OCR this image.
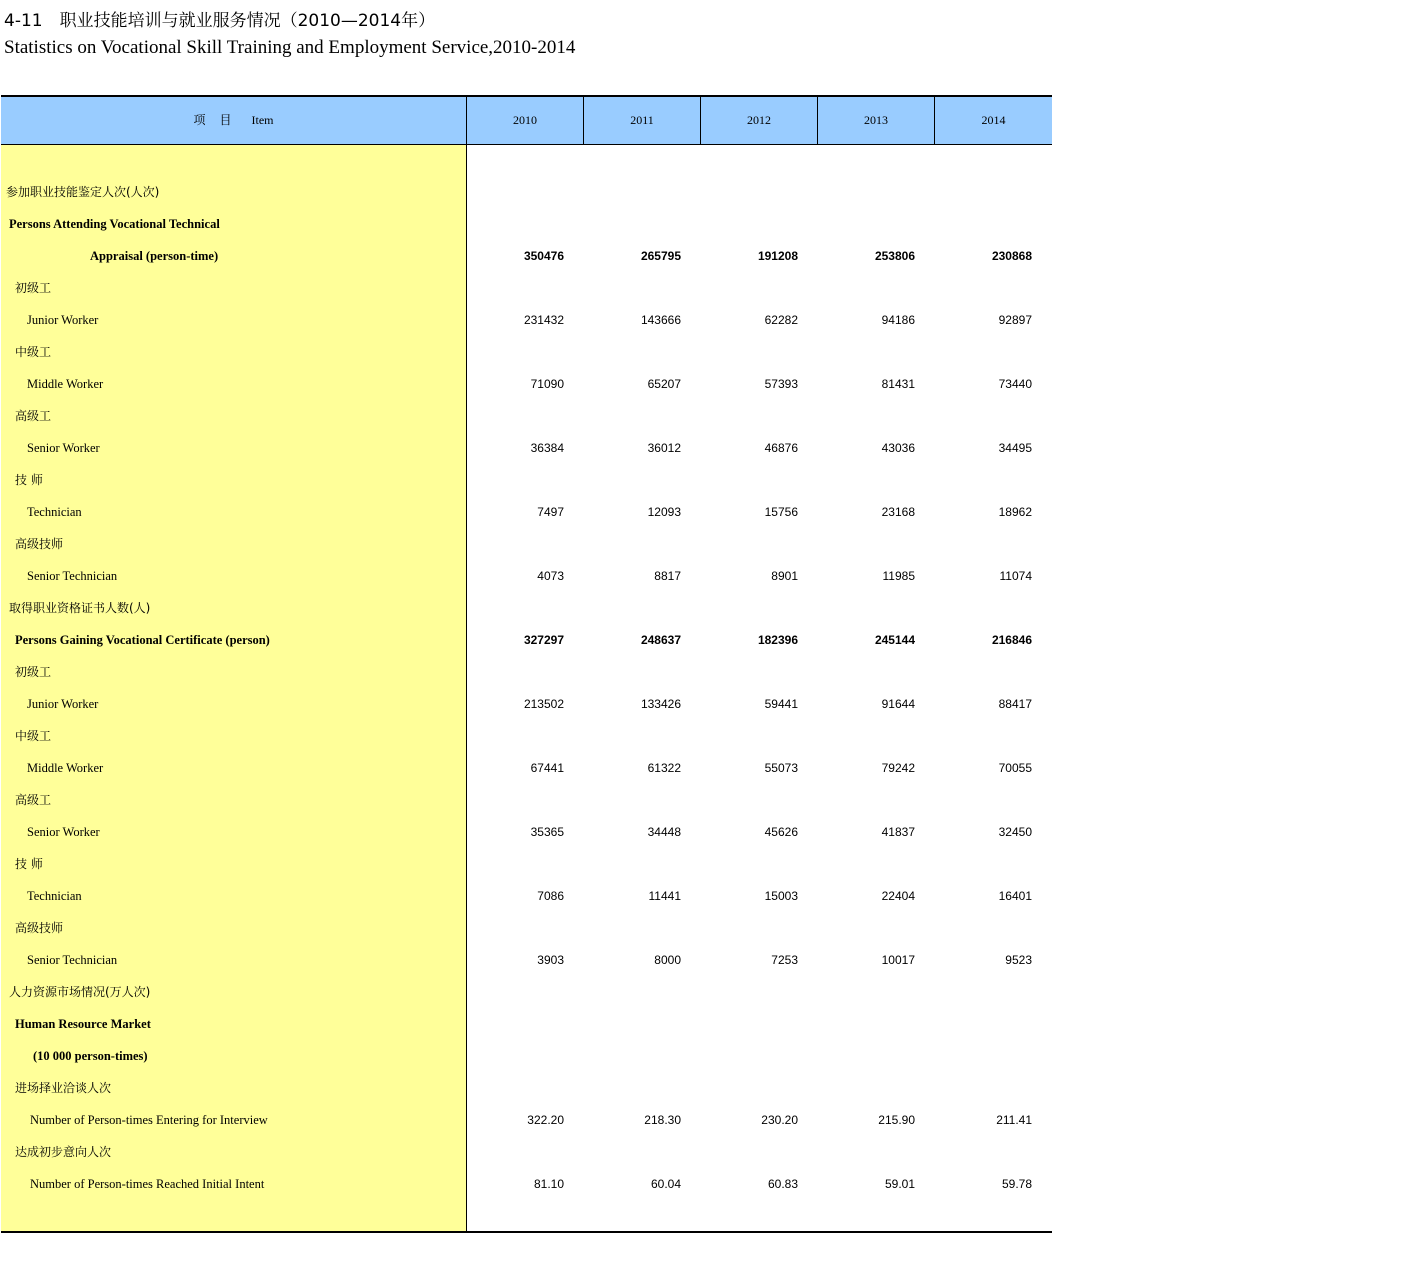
4-11　职业技能培训与就业服务情况（2010—2014年）
Statistics on Vocational Skill Training and Employment Service,2010-2014
项目 Item	2010	2011	2012	2013	2014
参加职业技能鉴定人次(人次)
Persons Attending Vocational Technical
Appraisal (person-time)	350476	265795	191208	253806	230868
初级工
Junior Worker	231432	143666	62282	94186	92897
中级工
Middle Worker	71090	65207	57393	81431	73440
高级工
Senior Worker	36384	36012	46876	43036	34495
技 师
Technician	7497	12093	15756	23168	18962
高级技师
Senior Technician	4073	8817	8901	11985	11074
取得职业资格证书人数(人)
Persons Gaining Vocational Certificate (person)	327297	248637	182396	245144	216846
初级工
Junior Worker	213502	133426	59441	91644	88417
中级工
Middle Worker	67441	61322	55073	79242	70055
高级工
Senior Worker	35365	34448	45626	41837	32450
技 师
Technician	7086	11441	15003	22404	16401
高级技师
Senior Technician	3903	8000	7253	10017	9523
人力资源市场情况(万人次)
Human Resource Market
(10 000 person-times)
进场择业洽谈人次
Number of Person-times Entering for Interview	322.20	218.30	230.20	215.90	211.41
达成初步意向人次
Number of Person-times Reached Initial Intent	81.10	60.04	60.83	59.01	59.78
